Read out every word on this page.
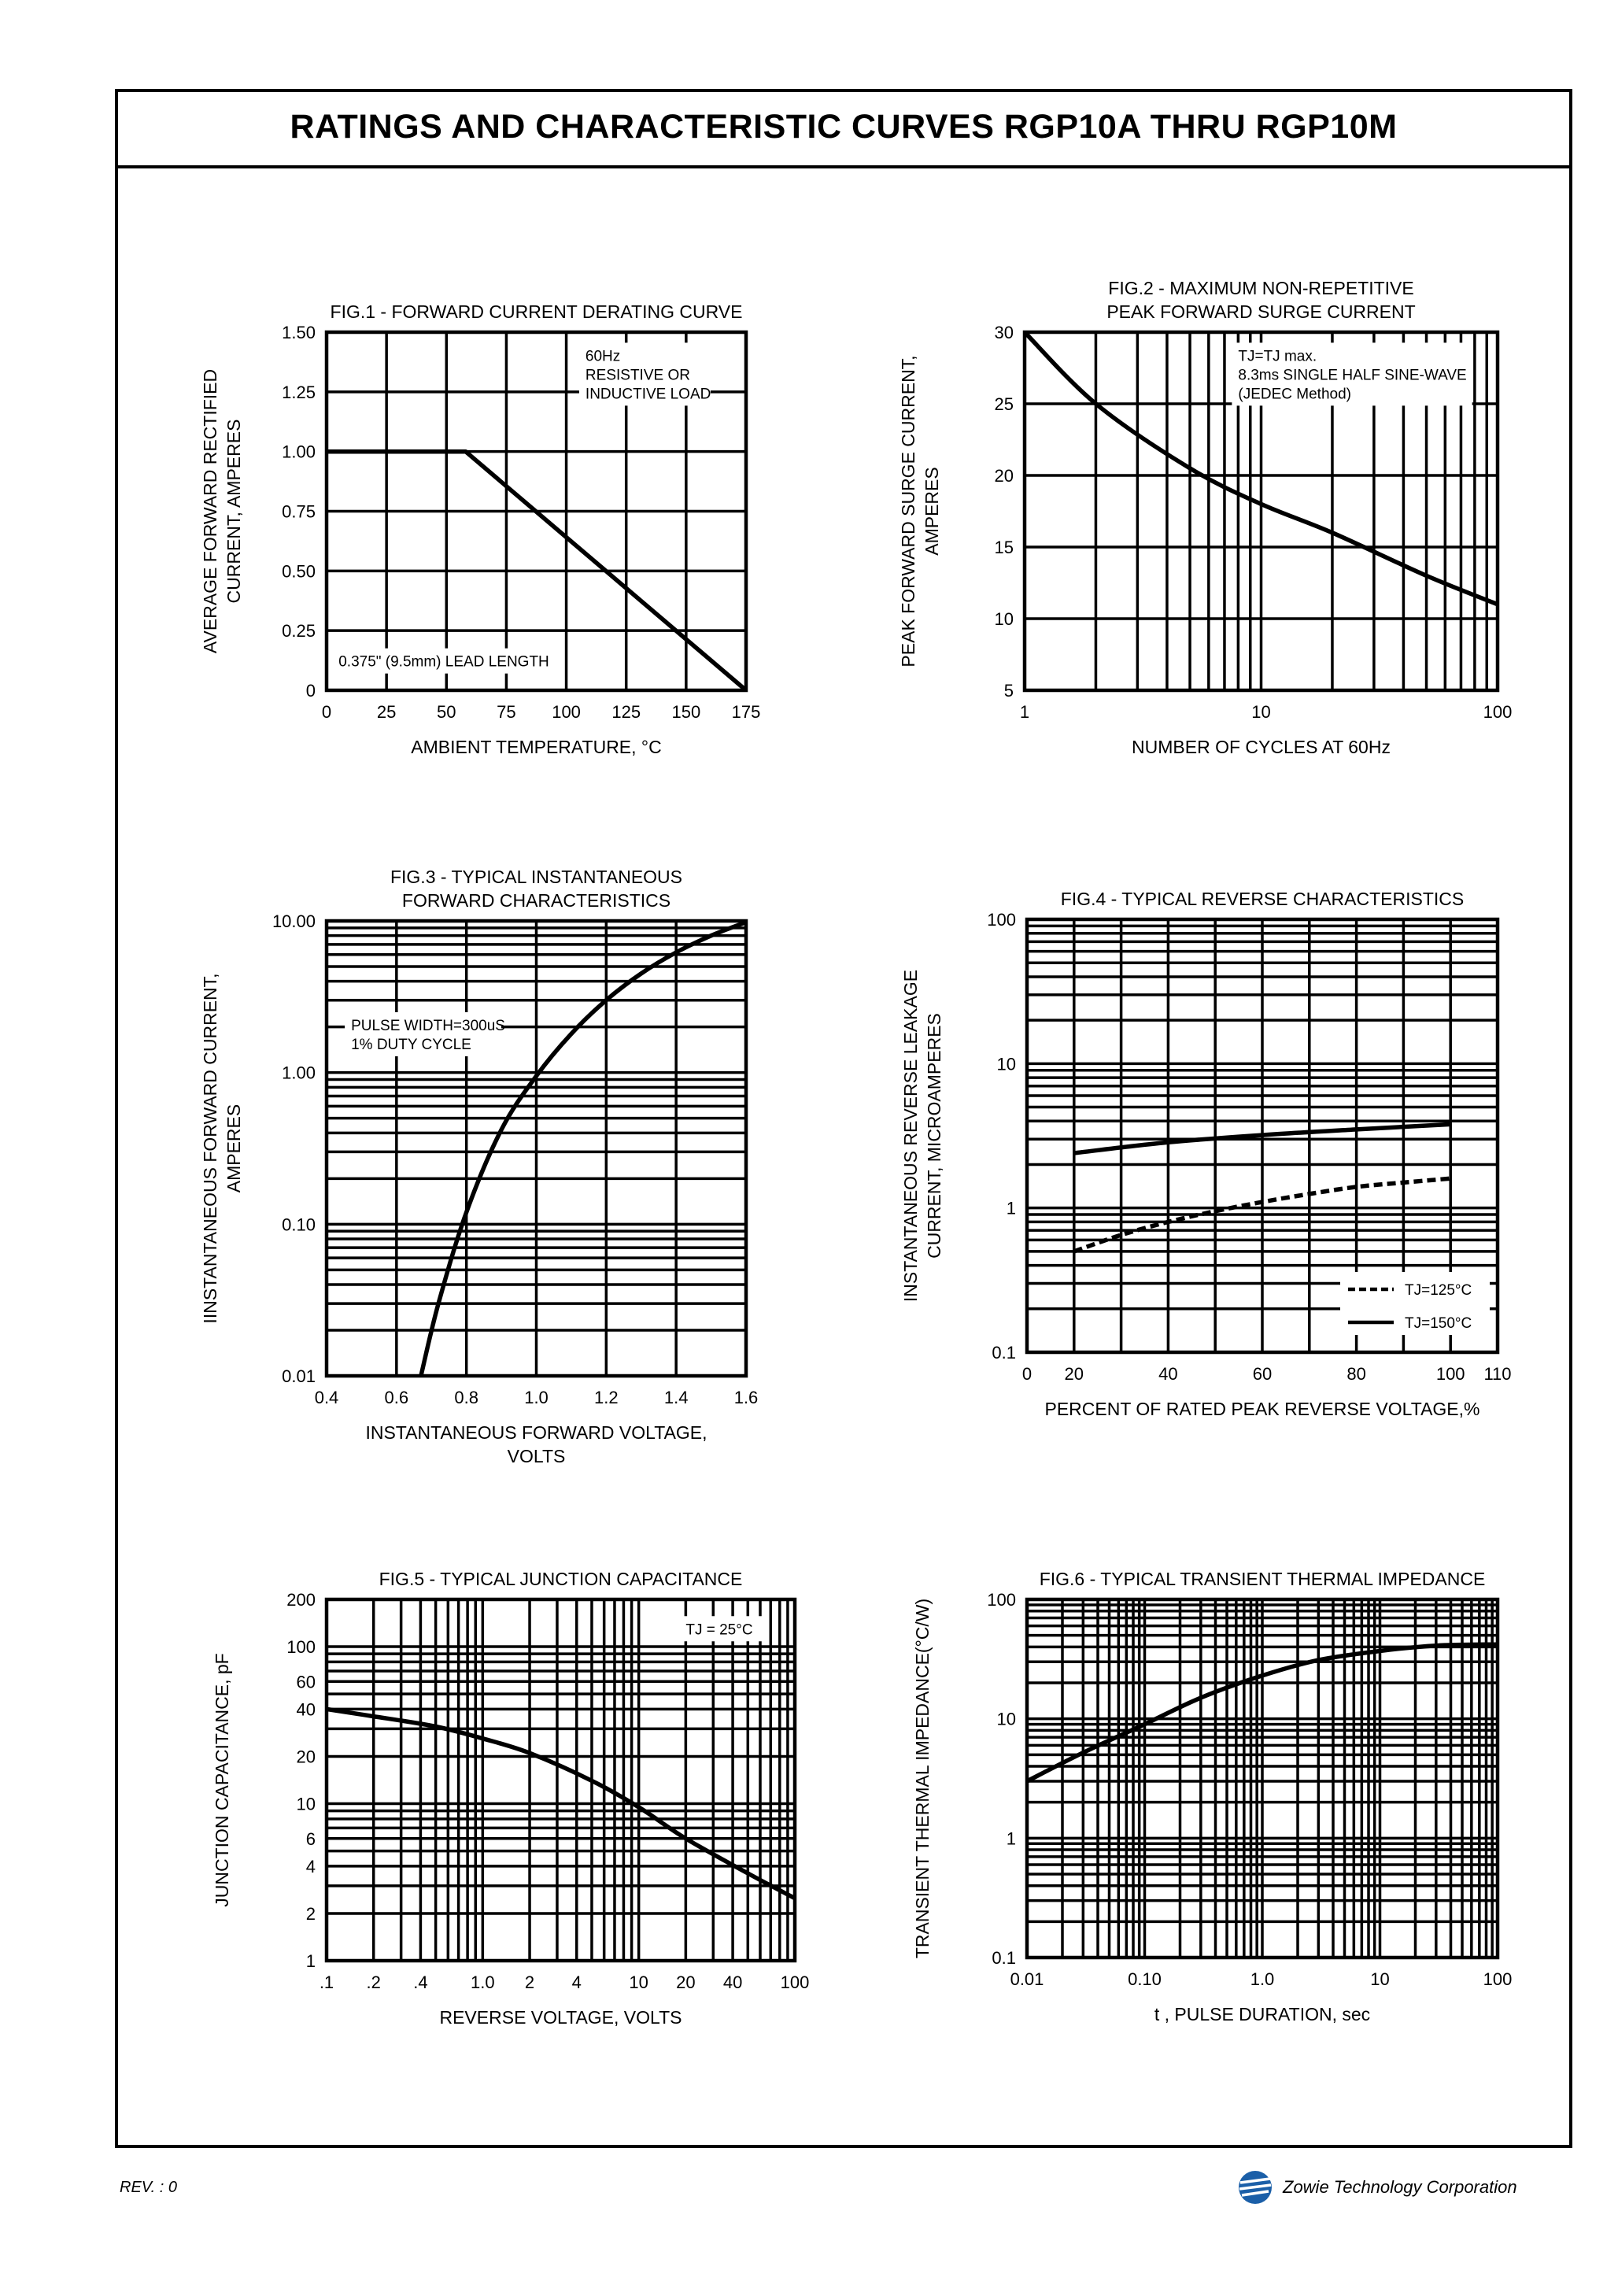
RATINGS AND CHARACTERISTIC CURVES RGP10A THRU RGP10M
0	25 50 75 100 125 150 175
0
0.25
0.50
0.75
1.00
1.25
1.50
FIG.1 - FORWARD CURRENT DERATING CURVE
AMBIENT TEMPERATURE, °C
AVERAGE FORWARD RECTIFIED CURRENT, AMPERES
60Hz
RESISTIVE OR
INDUCTIVE LOAD
0.375" (9.5mm) LEAD LENGTH
1	10	100
5
10
15
20
25
30
FIG.2 - MAXIMUM NON-REPETITIVE
PEAK FORWARD SURGE CURRENT
NUMBER OF CYCLES AT 60Hz
PEAK FORWARD SURGE CURRENT, AMPERES
TJ=TJ max.
8.3ms SINGLE HALF SINE-WAVE
(JEDEC Method)
0.4	0.6	0.8	1.0	1.2	1.4	1.6
0.01
0.10
1.00
10.00
FIG.3 - TYPICAL INSTANTANEOUS
FORWARD CHARACTERISTICS
INSTANTANEOUS FORWARD VOLTAGE,
VOLTS
IINSTANTANEOUS FORWARD CURRENT, AMPERES
PULSE WIDTH=300uS
1% DUTY CYCLE
0 20	40	60	80	100 110
0.1
1
10
100
FIG.4 - TYPICAL REVERSE CHARACTERISTICS
PERCENT OF RATED PEAK REVERSE VOLTAGE,%
INSTANTANEOUS REVERSE LEAKAGE CURRENT, MICROAMPERES
TJ=125°C
TJ=150°C
.1 .2 .4 1.0 2 4	10 20 40 100
1
2
4
6
10
20
40
60
100
200
FIG.5 - TYPICAL JUNCTION CAPACITANCE
REVERSE VOLTAGE, VOLTS
JUNCTION CAPACITANCE, pF
TJ = 25°C
0.01	0.10	1.0	10	100
0.1
1
10
100
FIG.6 - TYPICAL TRANSIENT THERMAL IMPEDANCE
t , PULSE DURATION, sec
TRANSIENT THERMAL IMPEDANCE(°C/W)
REV. : 0	Zowie Technology Corporation
